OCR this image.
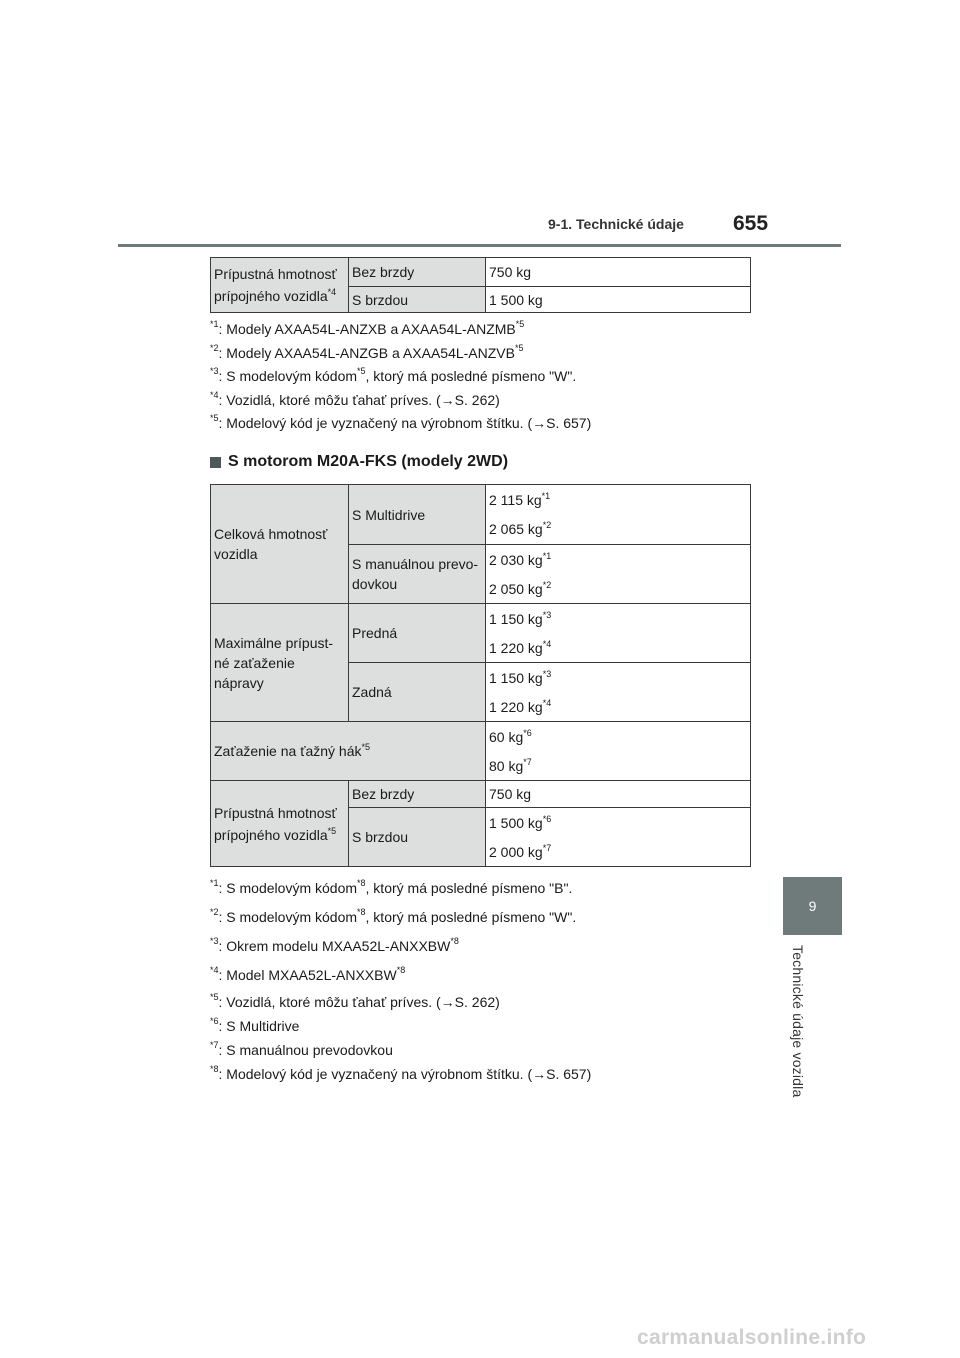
9-1. Technické údaje	655
9
Technické údaje vozidla
Prípustná hmotnosť prípojného vozidla$^{*4}$	Bez brzdy	750 kg
	S brzdou	1 500 kg
$^{*1}$: Modely AXAA54L-ANZXB a AXAA54L-ANZMB$^{*5}$
$^{*2}$: Modely AXAA54L-ANZGB a AXAA54L-ANZVB$^{*5}$
$^{*3}$: S modelovým kódom$^{*5}$, ktorý má posledné písmeno "W".
$^{*4}$: Vozidlá, ktoré môžu ťahať príves. (→S. 262)
$^{*5}$: Modelový kód je vyznačený na výrobnom štítku. (→S. 657)
S motorom M20A-FKS (modely 2WD)
Celková hmotnosť vozidla	S Multidrive	2 115 $kg^{*1}$
2 065 $kg^{*2}$

	S manuálnou prevo-dovkou	2 030 $kg^{*1}$
2 050 $kg^{*2}$

Maximálne prípust-né zaťaženie nápravy	Predná	1 150 $kg^{*3}$
1 220 $kg^{*4}$

	Zadná	1 150 $kg^{*3}$
1 220 $kg^{*4}$

Zaťaženie na ťažný hák$^{*5}$		60 $kg^{*6}$
80 $kg^{*7}$

Prípustná hmotnosť prípojného vozidla$^{*5}$	Bez brzdy	750 kg
	S brzdou	1 500 $kg^{*6}$
2 000 $kg^{*7}$
$^{*1}$: S modelovým kódom$^{*8}$, ktorý má posledné písmeno "B".
$^{*2}$: S modelovým kódom$^{*8}$, ktorý má posledné písmeno "W".
$^{*3}$: Okrem modelu MXAA52L-ANXXBW$^{*8}$
$^{*4}$: Model MXAA52L-ANXXBW$^{*8}$
$^{*5}$: Vozidlá, ktoré môžu ťahať príves. (→S. 262)
$^{*6}$: S Multidrive
$^{*7}$: S manuálnou prevodovkou
$^{*8}$: Modelový kód je vyznačený na výrobnom štítku. (→S. 657)
carmanualsonline.info
